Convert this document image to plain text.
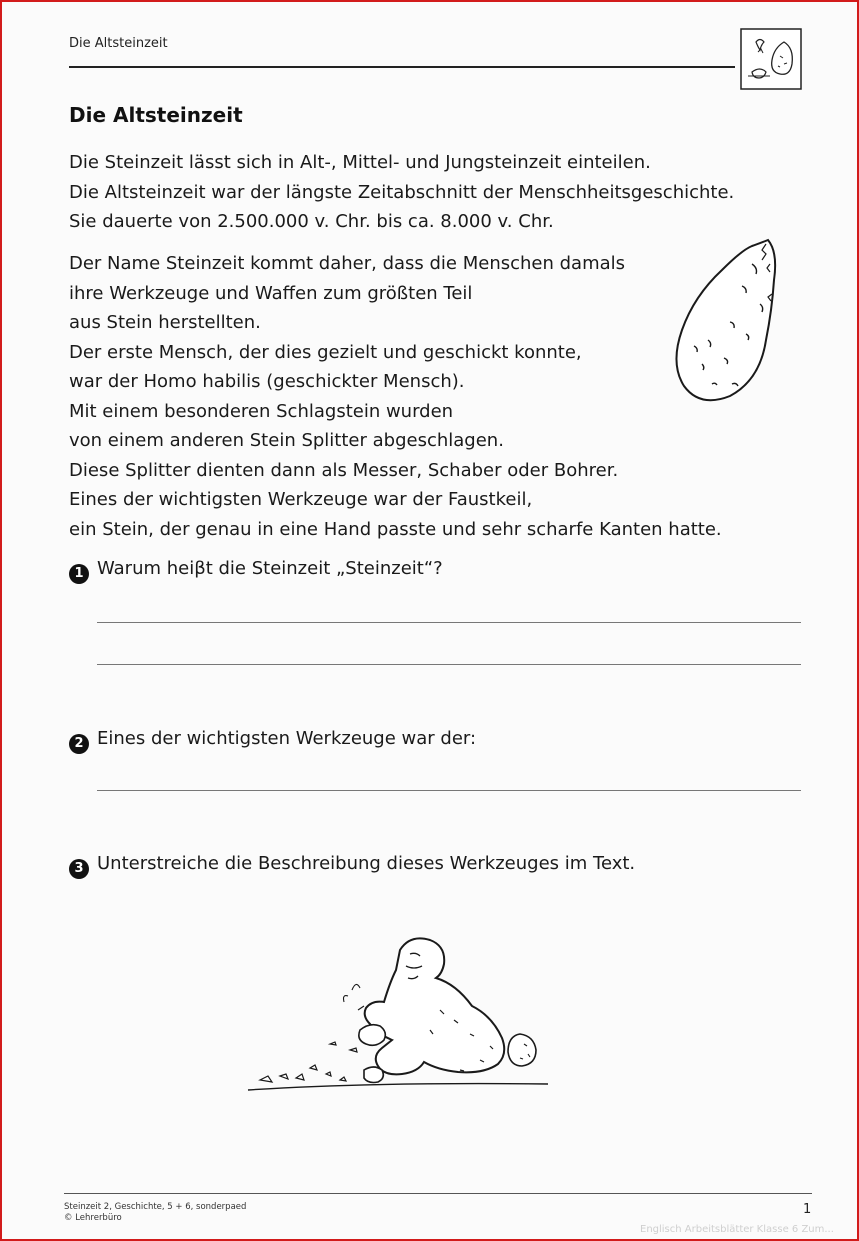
Die Altsteinzeit
Die Altsteinzeit
Die Steinzeit lässt sich in Alt-, Mittel- und Jungsteinzeit einteilen.
Die Altsteinzeit war der längste Zeitabschnitt der Menschheitsgeschichte.
Sie dauerte von 2.500.000 v. Chr. bis ca. 8.000 v. Chr.
Der Name Steinzeit kommt daher, dass die Menschen damals
ihre Werkzeuge und Waffen zum größten Teil
aus Stein herstellten.
Der erste Mensch, der dies gezielt und geschickt konnte,
war der Homo habilis (geschickter Mensch).
Mit einem besonderen Schlagstein wurden
von einem anderen Stein Splitter abgeschlagen.
Diese Splitter dienten dann als Messer, Schaber oder Bohrer.
Eines der wichtigsten Werkzeuge war der Faustkeil,
ein Stein, der genau in eine Hand passte und sehr scharfe Kanten hatte.
1 Warum heiβt die Steinzeit „Steinzeit“?
2 Eines der wichtigsten Werkzeuge war der:
3 Unterstreiche die Beschreibung dieses Werkzeuges im Text.
Steinzeit 2, Geschichte, 5 + 6, sonderpaed
© Lehrerbüro
1
Englisch Arbeitsblätter Klasse 6 Zum...
